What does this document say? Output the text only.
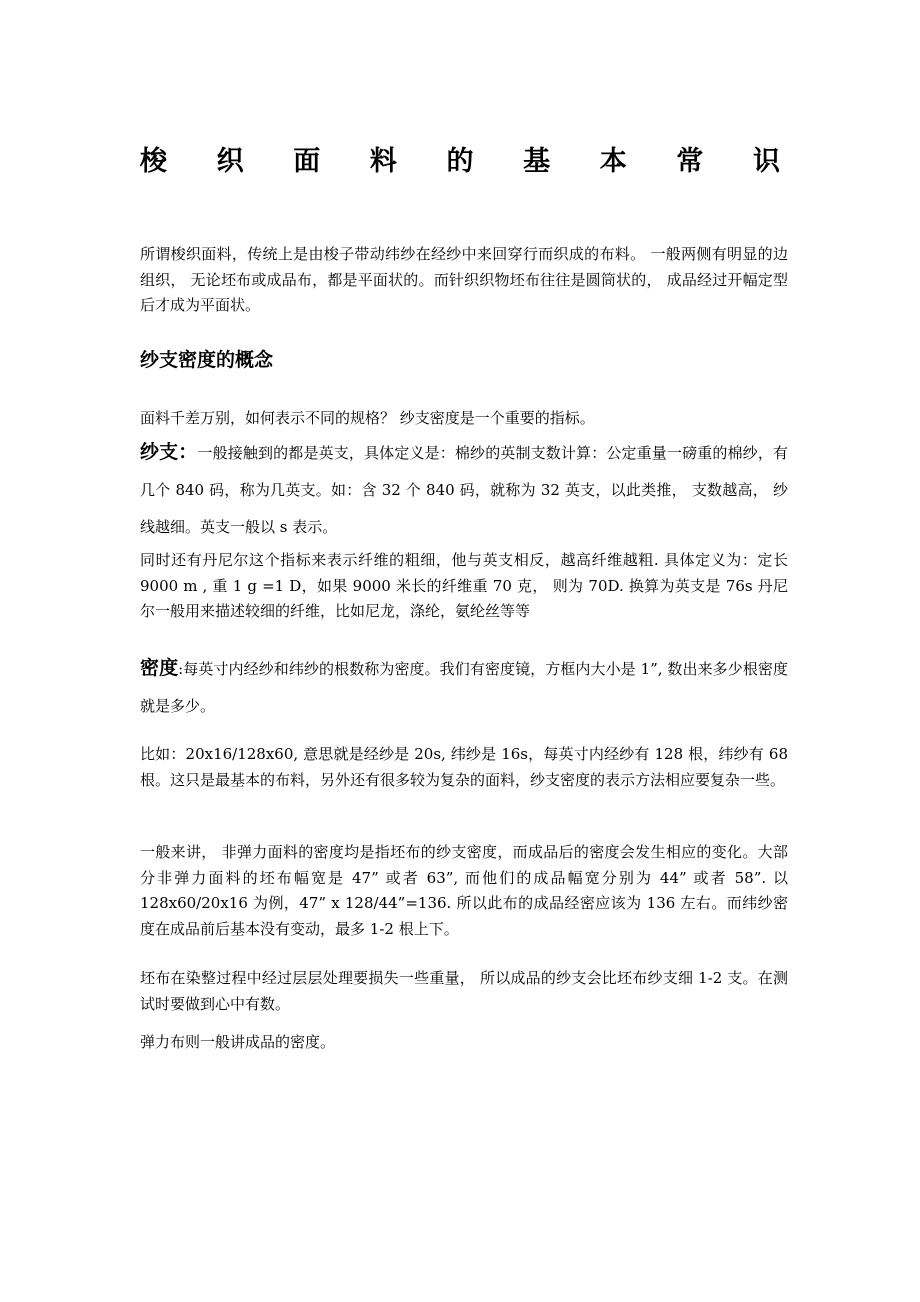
梭 织 面 料 的 基 本 常 识

所谓梭织面料，传统上是由梭子带动纬纱在经纱中来回穿行而织成的布料。 一般两侧有明显的边组织， 无论坯布或成品布，都是平面状的。而针织织物坯布往往是圆筒状的， 成品经过开幅定型后才成为平面状。

纱支密度的概念

面料千差万别，如何表示不同的规格？ 纱支密度是一个重要的指标。

纱支：一般接触到的都是英支，具体定义是：棉纱的英制支数计算：公定重量一磅重的棉纱，有几个 840 码，称为几英支。如：含 32 个 840 码，就称为 32 英支，以此类推， 支数越高， 纱线越细。英支一般以 s 表示。

同时还有丹尼尔这个指标来表示纤维的粗细，他与英支相反，越高纤维越粗. 具体定义为：定长 9000 m , 重 1 g =1 D，如果 9000 米长的纤维重 70 克， 则为 70D. 换算为英支是 76s 丹尼尔一般用来描述较细的纤维，比如尼龙，涤纶，氨纶丝等等

密度:每英寸内经纱和纬纱的根数称为密度。我们有密度镜，方框内大小是 1”, 数出来多少根密度就是多少。

比如：20x16/128x60, 意思就是经纱是 20s, 纬纱是 16s，每英寸内经纱有 128 根，纬纱有 68 根。这只是最基本的布料，另外还有很多较为复杂的面料，纱支密度的表示方法相应要复杂一些。

一般来讲， 非弹力面料的密度均是指坯布的纱支密度，而成品后的密度会发生相应的变化。大部分非弹力面料的坯布幅宽是 47” 或者 63”, 而他们的成品幅宽分别为 44” 或者 58”. 以 128x60/20x16 为例，47” x 128/44”=136. 所以此布的成品经密应该为 136 左右。而纬纱密度在成品前后基本没有变动，最多 1-2 根上下。

坯布在染整过程中经过层层处理要损失一些重量， 所以成品的纱支会比坯布纱支细 1-2 支。在测试时要做到心中有数。

弹力布则一般讲成品的密度。
